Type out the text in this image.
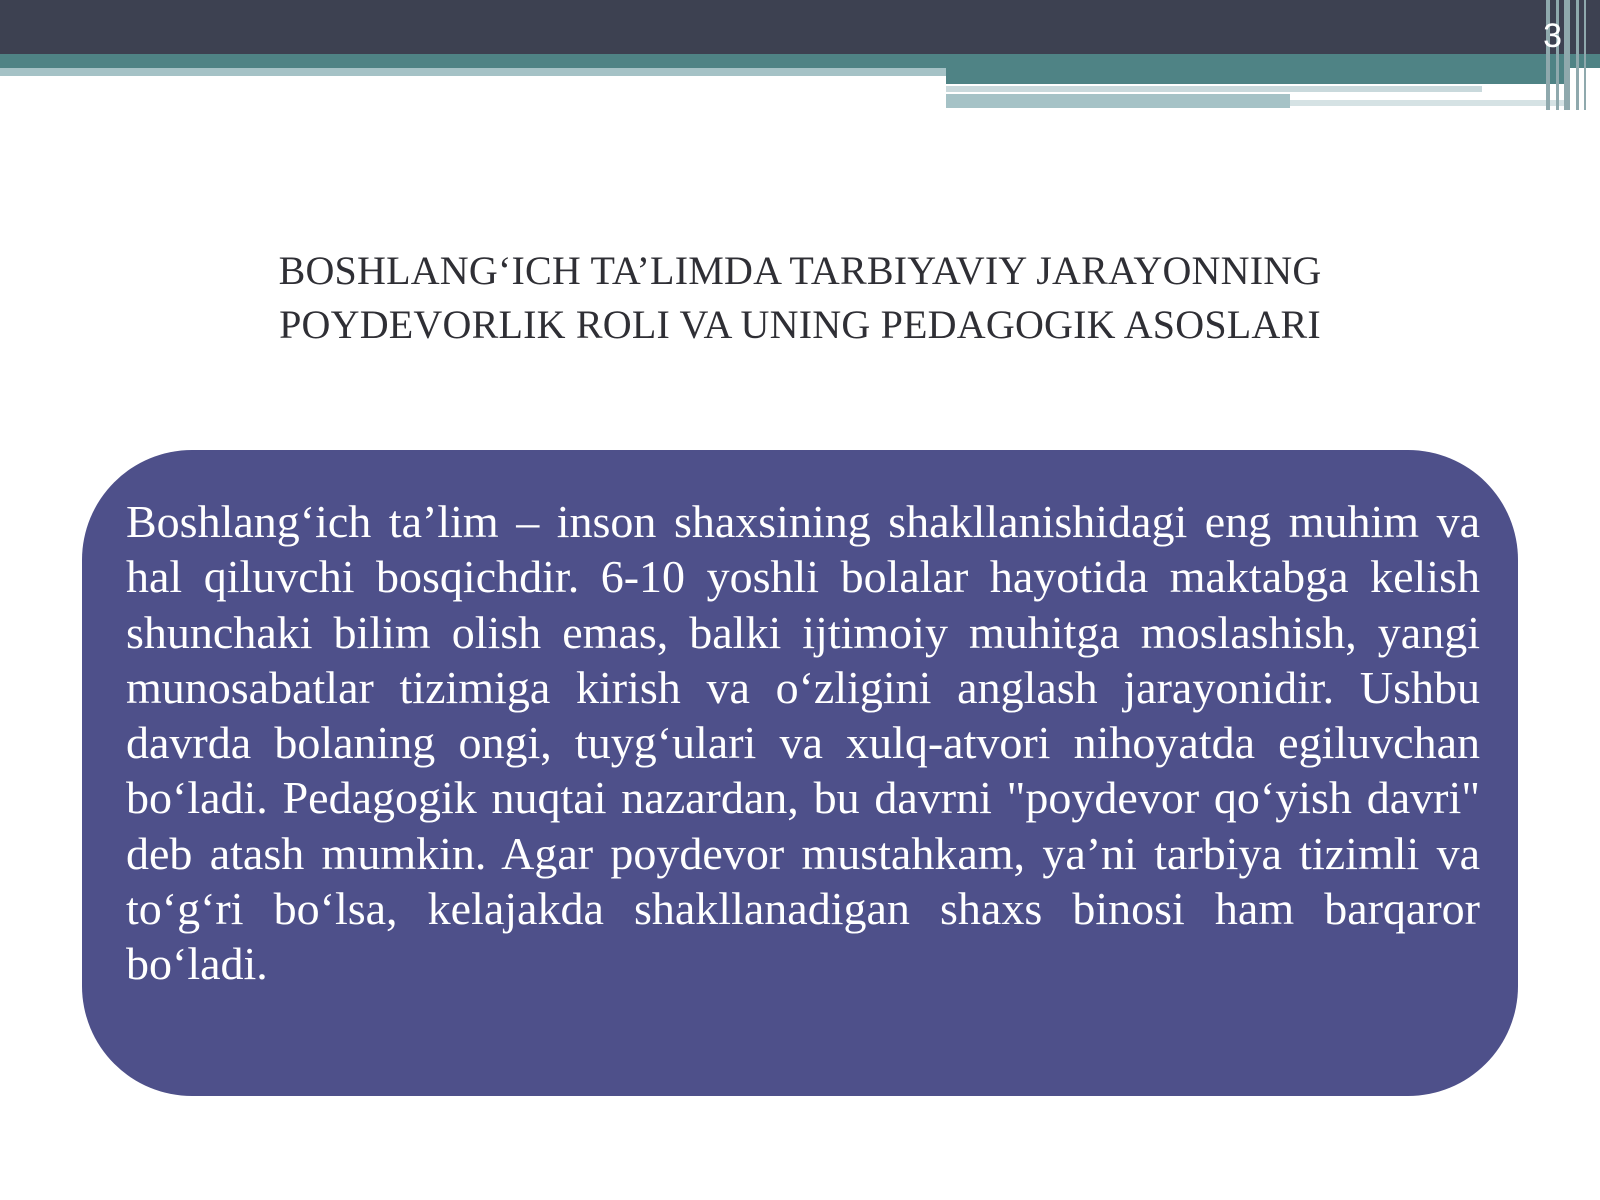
3
BOSHLANG‘ICH TA’LIMDA TARBIYAVIY JARAYONNING
POYDEVORLIK ROLI VA UNING PEDAGOGIK ASOSLARI

Boshlang‘ich ta’lim – inson shaxsining shakllanishidagi eng muhim va hal qiluvchi bosqichdir. 6-10 yoshli bolalar hayotida maktabga kelish shunchaki bilim olish emas, balki ijtimoiy muhitga moslashish, yangi munosabatlar tizimiga kirish va o‘zligini anglash jarayonidir. Ushbu davrda bolaning ongi, tuyg‘ulari va xulq-atvori nihoyatda egiluvchan bo‘ladi. Pedagogik nuqtai nazardan, bu davrni "poydevor qo‘yish davri" deb atash mumkin. Agar poydevor mustahkam, ya’ni tarbiya tizimli va to‘g‘ri bo‘lsa, kelajakda shakllanadigan shaxs binosi ham barqaror bo‘ladi.
